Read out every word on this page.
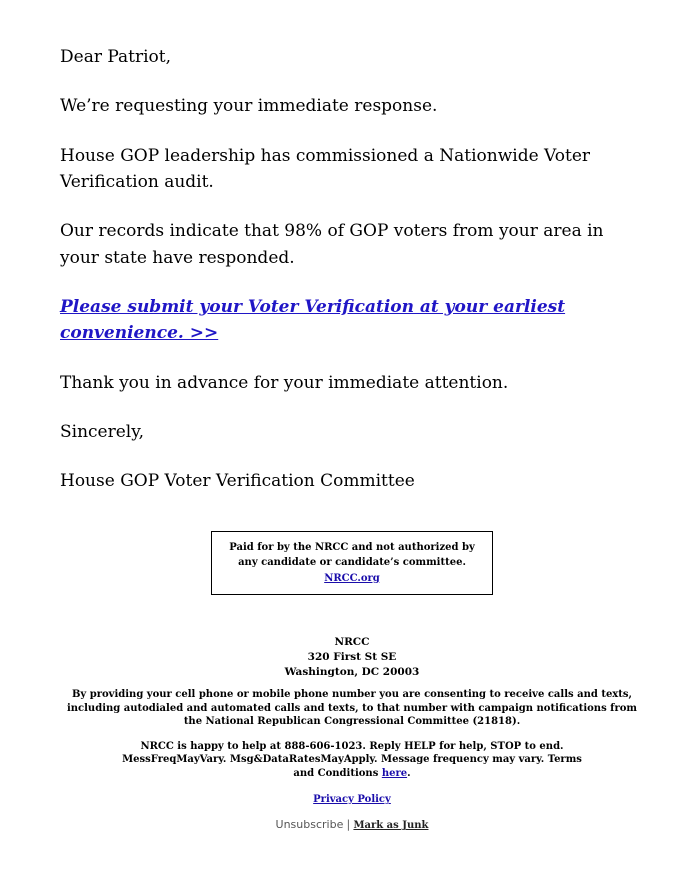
Dear Patriot,

We’re requesting your immediate response.

House GOP leadership has commissioned a Nationwide Voter Verification audit.

Our records indicate that 98% of GOP voters from your area in your state have responded.

Please submit your Voter Verification at your earliest convenience. >>

Thank you in advance for your immediate attention.

Sincerely,

House GOP Voter Verification Committee

Paid for by the NRCC and not authorized by any candidate or candidate’s committee. NRCC.org
NRCC
320 First St SE
Washington, DC 20003

By providing your cell phone or mobile phone number you are consenting to receive calls and texts, including autodialed and automated calls and texts, to that number with campaign notifications from the National Republican Congressional Committee (21818).

NRCC is happy to help at 888-606-1023. Reply HELP for help, STOP to end. MessFreqMayVary. Msg&DataRatesMayApply. Message frequency may vary. Terms and Conditions here.

Privacy Policy

Unsubscribe | Mark as Junk
